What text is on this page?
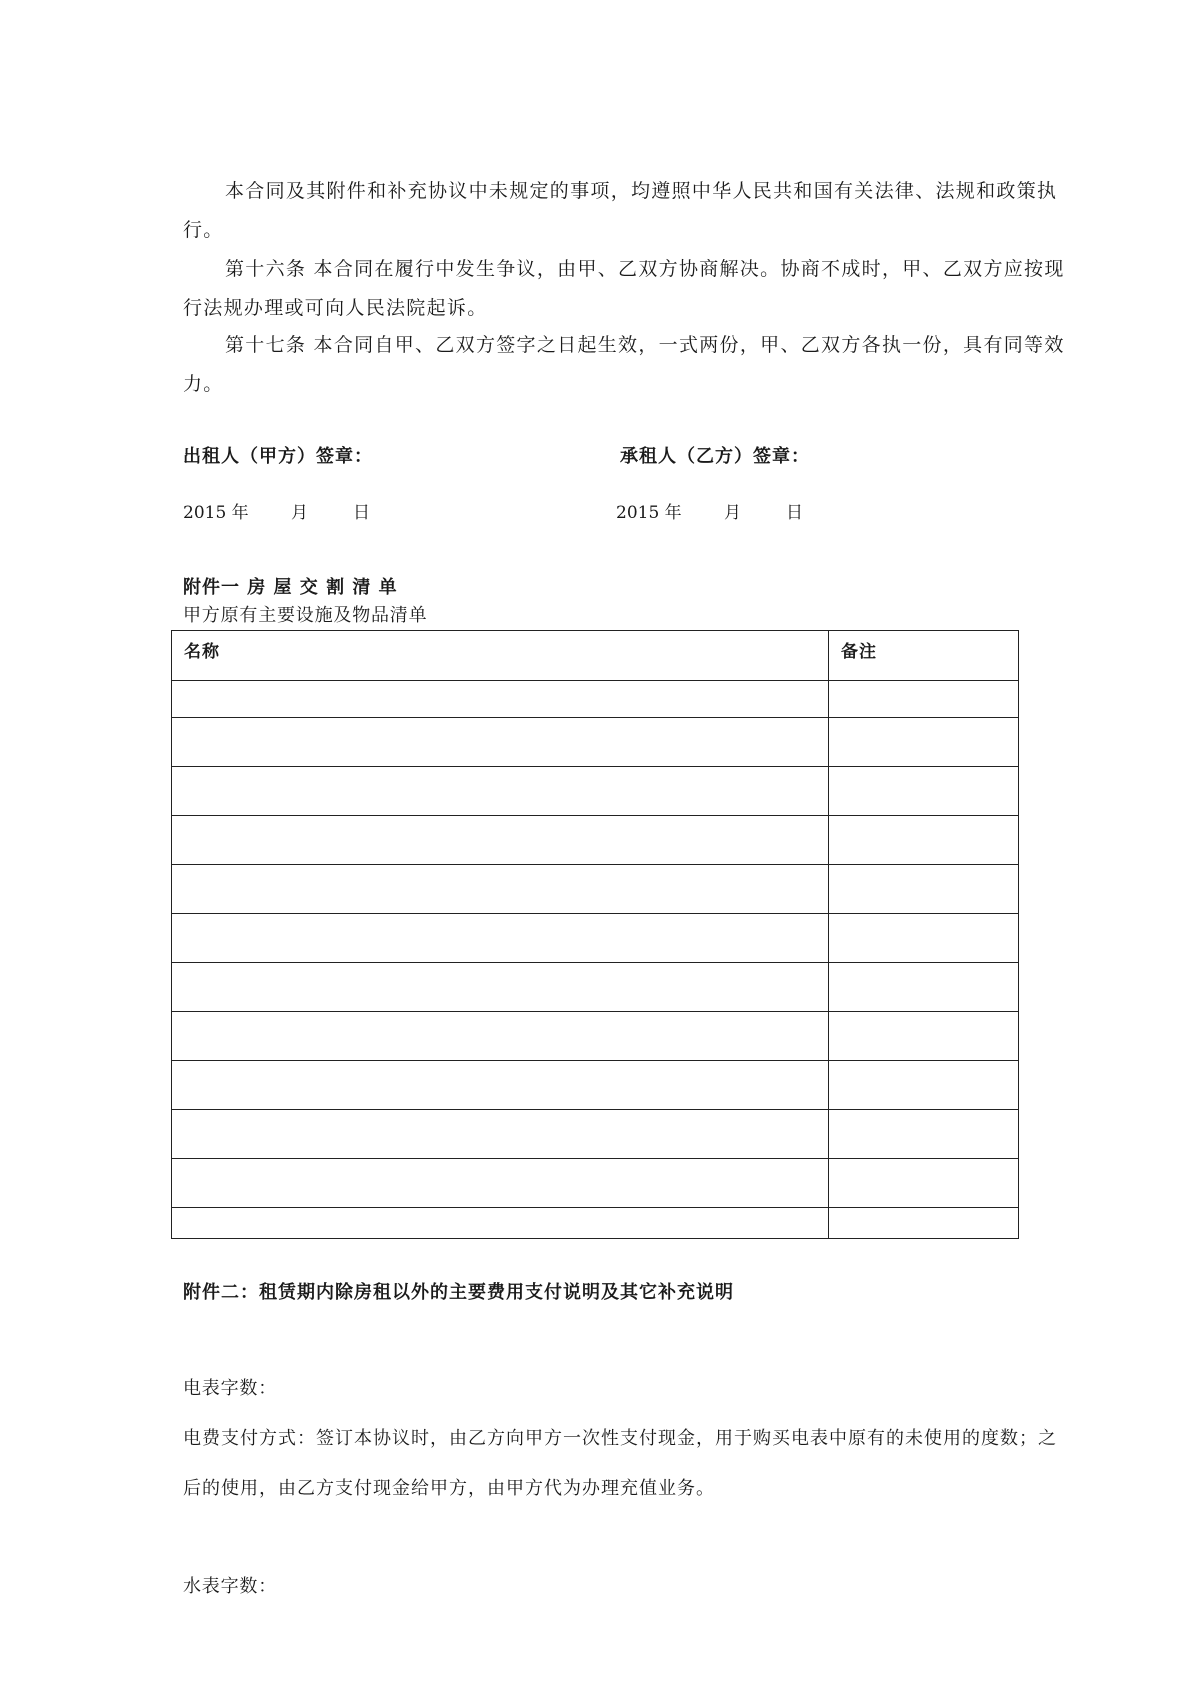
本合同及其附件和补充协议中未规定的事项，均遵照中华人民共和国有关法律、法规和政策执行。

第十六条 本合同在履行中发生争议，由甲、乙双方协商解决。协商不成时，甲、乙双方应按现行法规办理或可向人民法院起诉。

第十七条 本合同自甲、乙双方签字之日起生效，一式两份，甲、乙双方各执一份，具有同等效力。

出租人（甲方）签章：	承租人（乙方）签章：
2015 年 月	日	2015 年 月	日
附件一 房 屋 交 割 清 单
甲方原有主要设施及物品清单
名称	备注

附件二：租赁期内除房租以外的主要费用支付说明及其它补充说明
电表字数：

电费支付方式：签订本协议时，由乙方向甲方一次性支付现金，用于购买电表中原有的未使用的度数；之后的使用，由乙方支付现金给甲方，由甲方代为办理充值业务。

水表字数：
